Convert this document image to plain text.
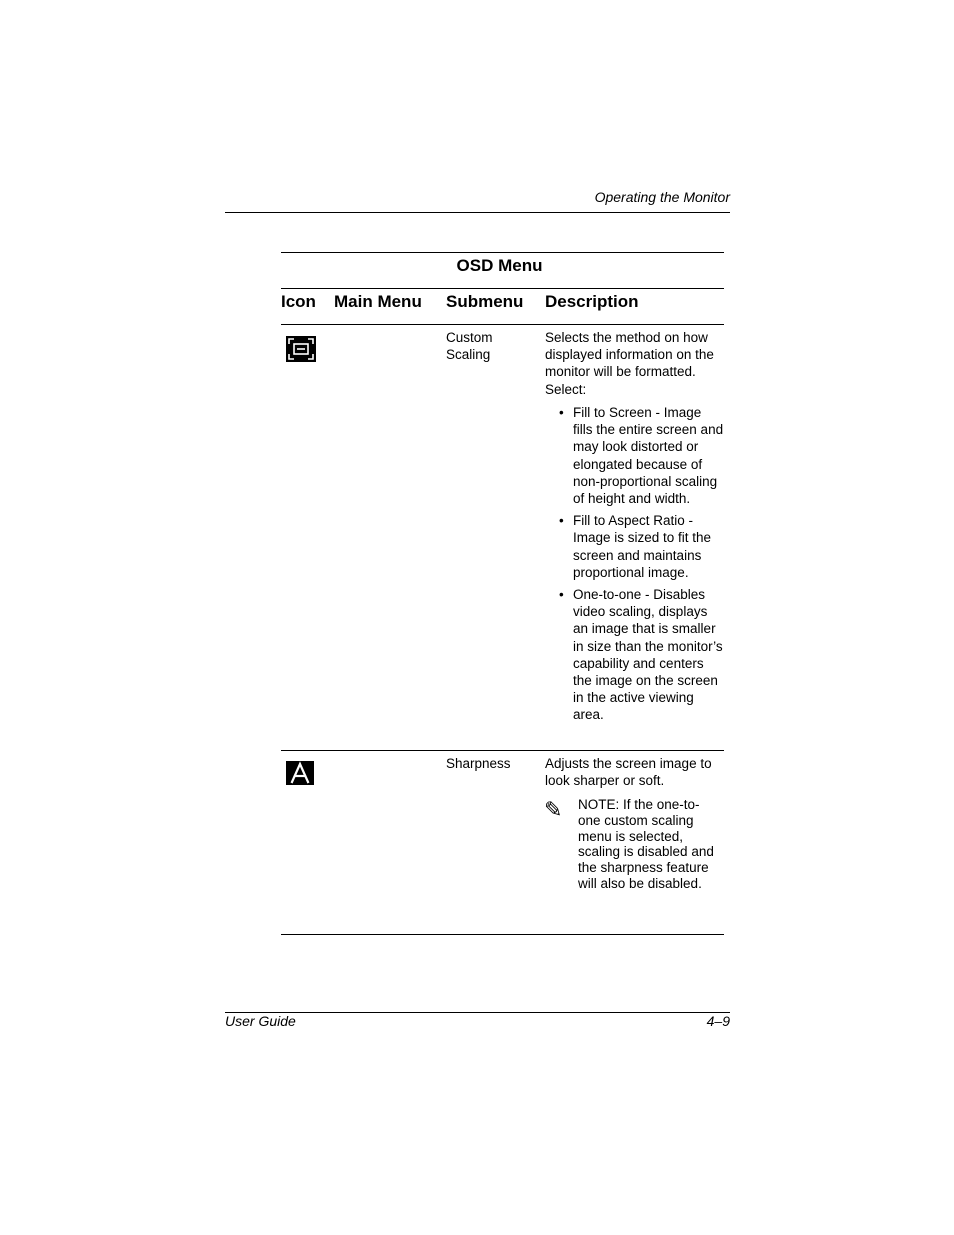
Operating the Monitor
OSD Menu
Icon Main Menu Submenu Description
Custom Scaling
Selects the method on how displayed information on the monitor will be formatted. Select:
• Fill to Screen - Image fills the entire screen and may look distorted or elongated because of non-proportional scaling of height and width.
• Fill to Aspect Ratio - Image is sized to fit the screen and maintains proportional image.
• One-to-one - Disables video scaling, displays an image that is smaller in size than the monitor’s capability and centers the image on the screen in the active viewing area.
Sharpness	Adjusts the screen image to look sharper or soft.
✎ NOTE: If the one-to-one custom scaling menu is selected, scaling is disabled and the sharpness feature will also be disabled.
User Guide	4–9
